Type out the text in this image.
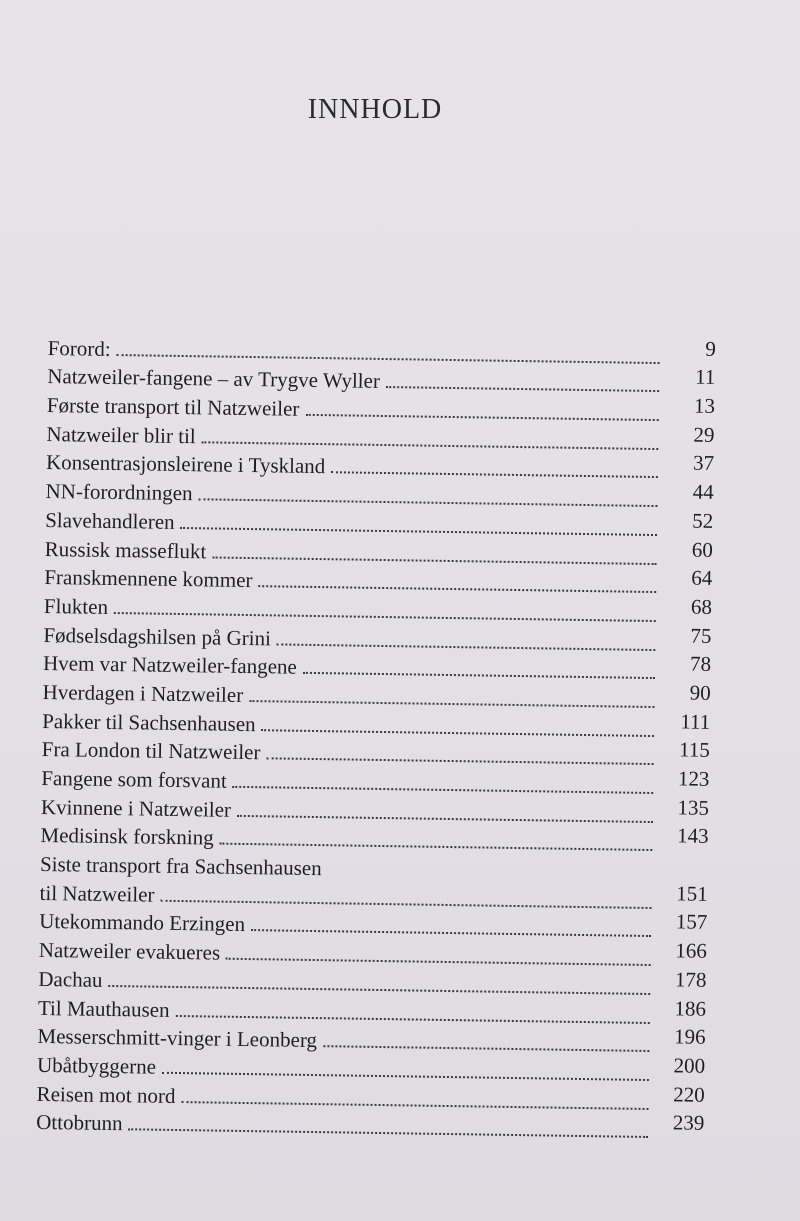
INNHOLD
Forord:	9
Natzweiler-fangene – av Trygve Wyller	11
Første transport til Natzweiler	13
Natzweiler blir til	29
Konsentrasjonsleirene i Tyskland	37
NN-forordningen	44
Slavehandleren	52
Russisk masseflukt	60
Franskmennene kommer	64
Flukten	68
Fødselsdagshilsen på Grini	75
Hvem var Natzweiler-fangene	78
Hverdagen i Natzweiler	90
Pakker til Sachsenhausen	111
Fra London til Natzweiler	115
Fangene som forsvant	123
Kvinnene i Natzweiler	135
Medisinsk forskning	143
Siste transport fra Sachsenhausen
til Natzweiler	151
Utekommando Erzingen	157
Natzweiler evakueres	166
Dachau	178
Til Mauthausen	186
Messerschmitt-vinger i Leonberg	196
Ubåtbyggerne	200
Reisen mot nord	220
Ottobrunn	239
